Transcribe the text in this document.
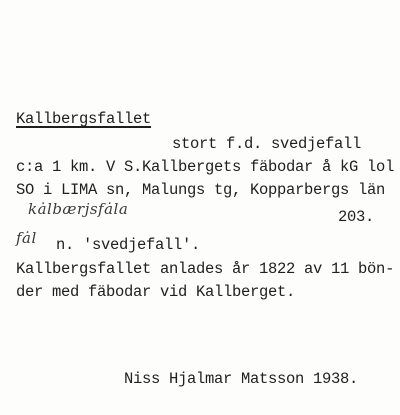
Kallbergsfallet
stort f.d. svedjefall
c:a 1 km. V S.Kallbergets fäbodar å kG lol
SO i LIMA sn, Malungs tg, Kopparbergs län
kȧlbærjsfȧla	203.
fȧl n. 'svedjefall'.
Kallbergsfallet anlades år 1822 av 11 bön-
der med fäbodar vid Kallberget.
Niss Hjalmar Matsson 1938.
